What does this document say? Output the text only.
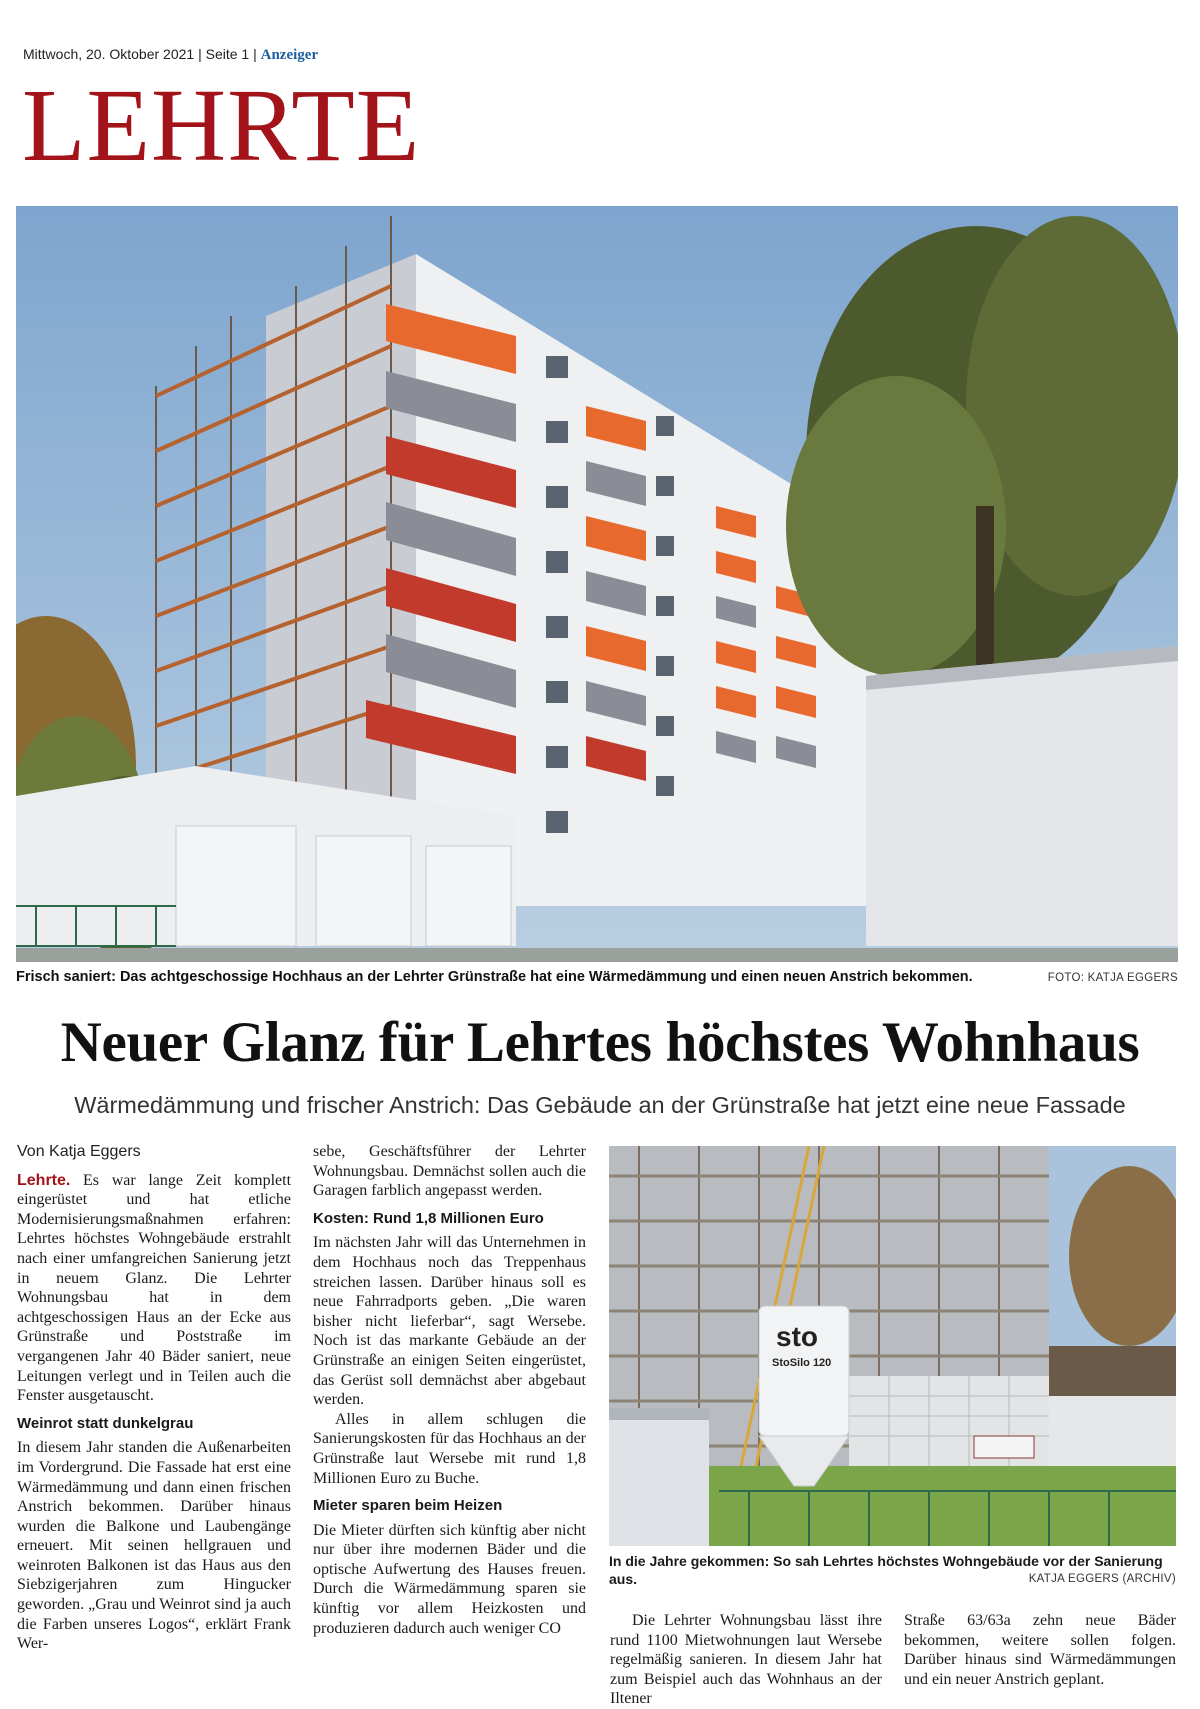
Mittwoch, 20. Oktober 2021 | Seite 1 | Anzeiger
LEHRTE
Frisch saniert: Das achtgeschossige Hochhaus an der Lehrter Grünstraße hat eine Wärmedämmung und einen neuen Anstrich bekommen.	FOTO: KATJA EGGERS
Neuer Glanz für Lehrtes höchstes Wohnhaus
Wärmedämmung und frischer Anstrich: Das Gebäude an der Grünstraße hat jetzt eine neue Fassade

Von Katja Eggers

Lehrte. Es war lange Zeit komplett eingerüstet und hat etliche Modernisierungsmaßnahmen erfahren: Lehrtes höchstes Wohngebäude erstrahlt nach einer umfangreichen Sanierung jetzt in neuem Glanz. Die Lehrter Wohnungsbau hat in dem achtgeschossigen Haus an der Ecke aus Grünstraße und Poststraße im vergangenen Jahr 40 Bäder saniert, neue Leitungen verlegt und in Teilen auch die Fenster ausgetauscht.

Weinrot statt dunkelgrau

In diesem Jahr standen die Außenarbeiten im Vordergrund. Die Fassade hat erst eine Wärmedämmung und dann einen frischen Anstrich bekommen. Darüber hinaus wurden die Balkone und Laubengänge erneuert. Mit seinen hellgrauen und weinroten Balkonen ist das Haus aus den Siebzigerjahren zum Hingucker geworden. „Grau und Weinrot sind ja auch die Farben unseres Logos“, erklärt Frank Wer-

sebe, Geschäftsführer der Lehrter Wohnungsbau. Demnächst sollen auch die Garagen farblich angepasst werden.

Kosten: Rund 1,8 Millionen Euro

Im nächsten Jahr will das Unternehmen in dem Hochhaus noch das Treppenhaus streichen lassen. Darüber hinaus soll es neue Fahrradports geben. „Die waren bisher nicht lieferbar“, sagt Wersebe. Noch ist das markante Gebäude an der Grünstraße an einigen Seiten eingerüstet, das Gerüst soll demnächst aber abgebaut werden.

Alles in allem schlugen die Sanierungskosten für das Hochhaus an der Grünstraße laut Wersebe mit rund 1,8 Millionen Euro zu Buche.

Mieter sparen beim Heizen

Die Mieter dürften sich künftig aber nicht nur über ihre modernen Bäder und die optische Aufwertung des Hauses freuen. Durch die Wärmedämmung sparen sie künftig vor allem Heizkosten und produzieren dadurch auch weniger CO

sto
StoSilo 120
In die Jahre gekommen: So sah Lehrtes höchstes Wohngebäude vor der Sanierung aus.	KATJA EGGERS (ARCHIV)

Die Lehrter Wohnungsbau lässt ihre rund 1100 Mietwohnungen laut Wersebe regelmäßig sanieren. In diesem Jahr hat zum Beispiel auch das Wohnhaus an der Iltener

Straße 63/63a zehn neue Bäder bekommen, weitere sollen folgen. Darüber hinaus sind Wärmedämmungen und ein neuer Anstrich geplant.
